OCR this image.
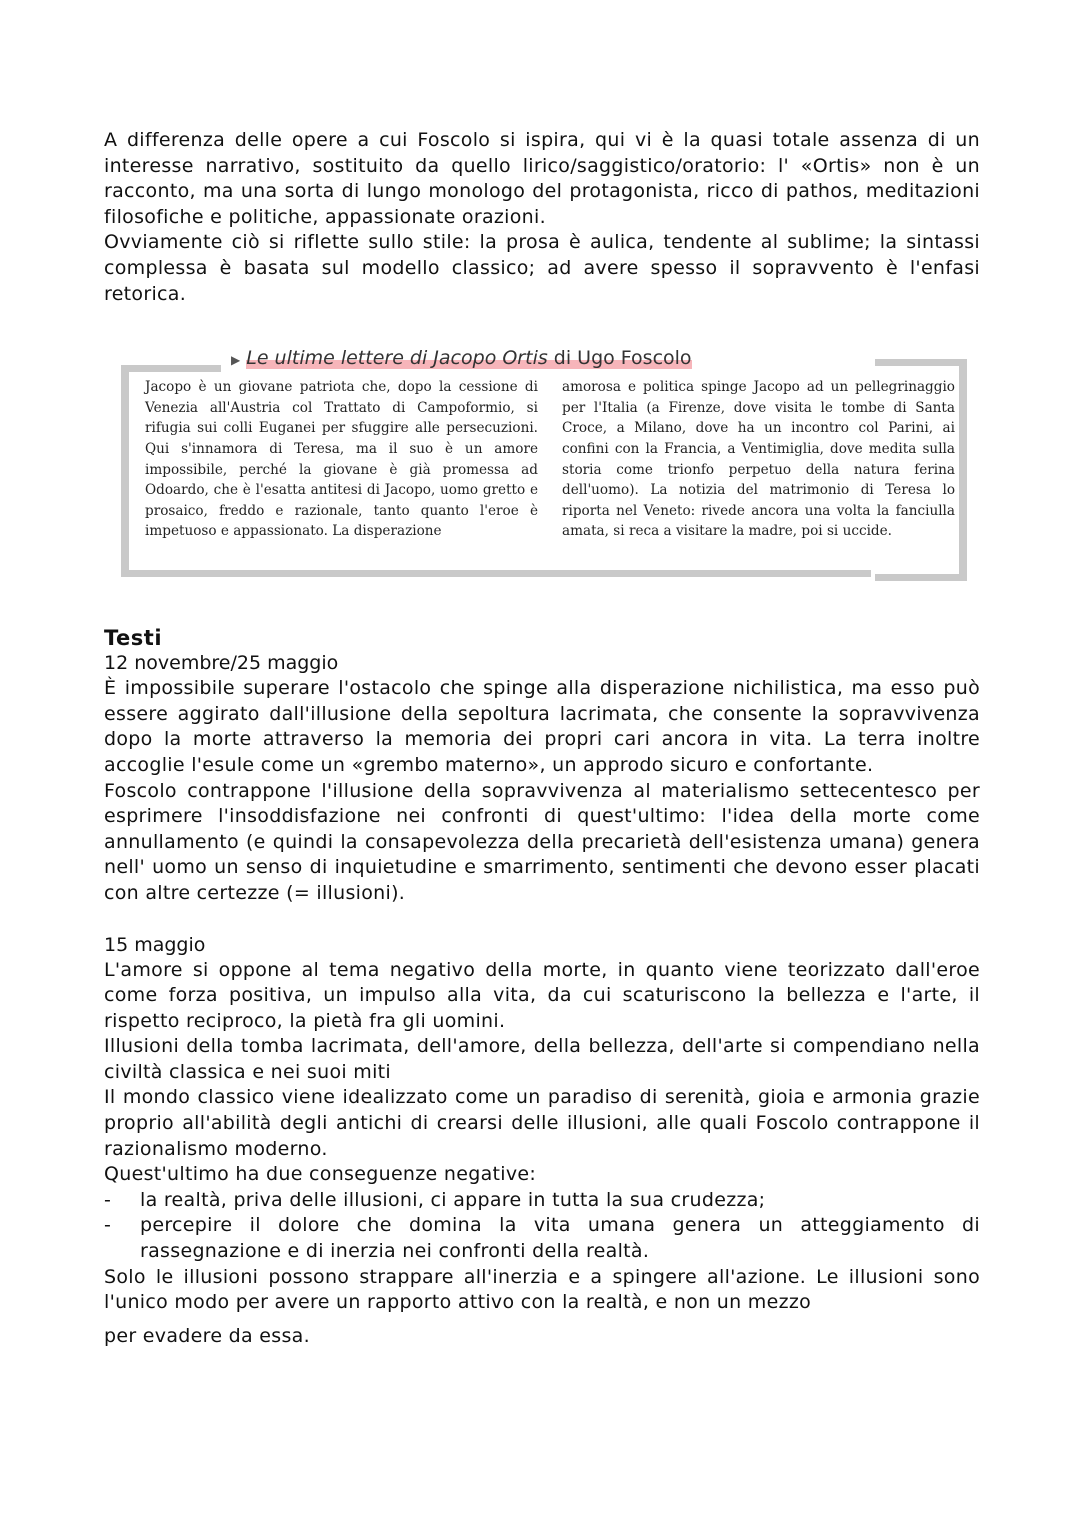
A differenza delle opere a cui Foscolo si ispira, qui vi è la quasi totale assenza di un interesse narrativo, sostituito da quello lirico/saggistico/oratorio: l' «Ortis» non è un racconto, ma una sorta di lungo monologo del protagonista, ricco di pathos, meditazioni filosofiche e politiche, appassionate orazioni.

Ovviamente ciò si riflette sullo stile: la prosa è aulica, tendente al sublime; la sintassi complessa è basata sul modello classico; ad avere spesso il sopravvento è l'enfasi retorica.

▶ Le ultime lettere di Jacopo Ortis di Ugo Foscolo
Jacopo è un giovane patriota che, dopo la cessione di Venezia all'Austria col Trattato di Campoformio, si rifugia sui colli Euganei per sfuggire alle persecuzioni. Qui s'innamora di Teresa, ma il suo è un amore impossibile, perché la giovane è già promessa ad Odoardo, che è l'esatta antitesi di Jacopo, uomo gretto e prosaico, freddo e razionale, tanto quanto l'eroe è impetuoso e appassionato. La disperazione
amorosa e politica spinge Jacopo ad un pellegrinaggio per l'Italia (a Firenze, dove visita le tombe di Santa Croce, a Milano, dove ha un incontro col Parini, ai confini con la Francia, a Ventimiglia, dove medita sulla storia come trionfo perpetuo della natura ferina dell'uomo). La notizia del matrimonio di Teresa lo riporta nel Veneto: rivede ancora una volta la fanciulla amata, si reca a visitare la madre, poi si uccide.
Testi

12 novembre/25 maggio

È impossibile superare l'ostacolo che spinge alla disperazione nichilistica, ma esso può essere aggirato dall'illusione della sepoltura lacrimata, che consente la sopravvivenza dopo la morte attraverso la memoria dei propri cari ancora in vita. La terra inoltre accoglie l'esule come un «grembo materno», un approdo sicuro e confortante.

Foscolo contrappone l'illusione della sopravvivenza al materialismo settecentesco per esprimere l'insoddisfazione nei confronti di quest'ultimo: l'idea della morte come annullamento (e quindi la consapevolezza della precarietà dell'esistenza umana) genera nell' uomo un senso di inquietudine e smarrimento, sentimenti che devono esser placati con altre certezze (= illusioni).

15 maggio

L'amore si oppone al tema negativo della morte, in quanto viene teorizzato dall'eroe come forza positiva, un impulso alla vita, da cui scaturiscono la bellezza e l'arte, il rispetto reciproco, la pietà fra gli uomini.

Illusioni della tomba lacrimata, dell'amore, della bellezza, dell'arte si compendiano nella civiltà classica e nei suoi miti

Il mondo classico viene idealizzato come un paradiso di serenità, gioia e armonia grazie proprio all'abilità degli antichi di crearsi delle illusioni, alle quali Foscolo contrappone il razionalismo moderno.

Quest'ultimo ha due conseguenze negative:

- la realtà, priva delle illusioni, ci appare in tutta la sua crudezza;
- percepire il dolore che domina la vita umana genera un atteggiamento di rassegnazione e di inerzia nei confronti della realtà.

Solo le illusioni possono strappare all'inerzia e a spingere all'azione. Le illusioni sono l'unico modo per avere un rapporto attivo con la realtà, e non un mezzo

per evadere da essa.
